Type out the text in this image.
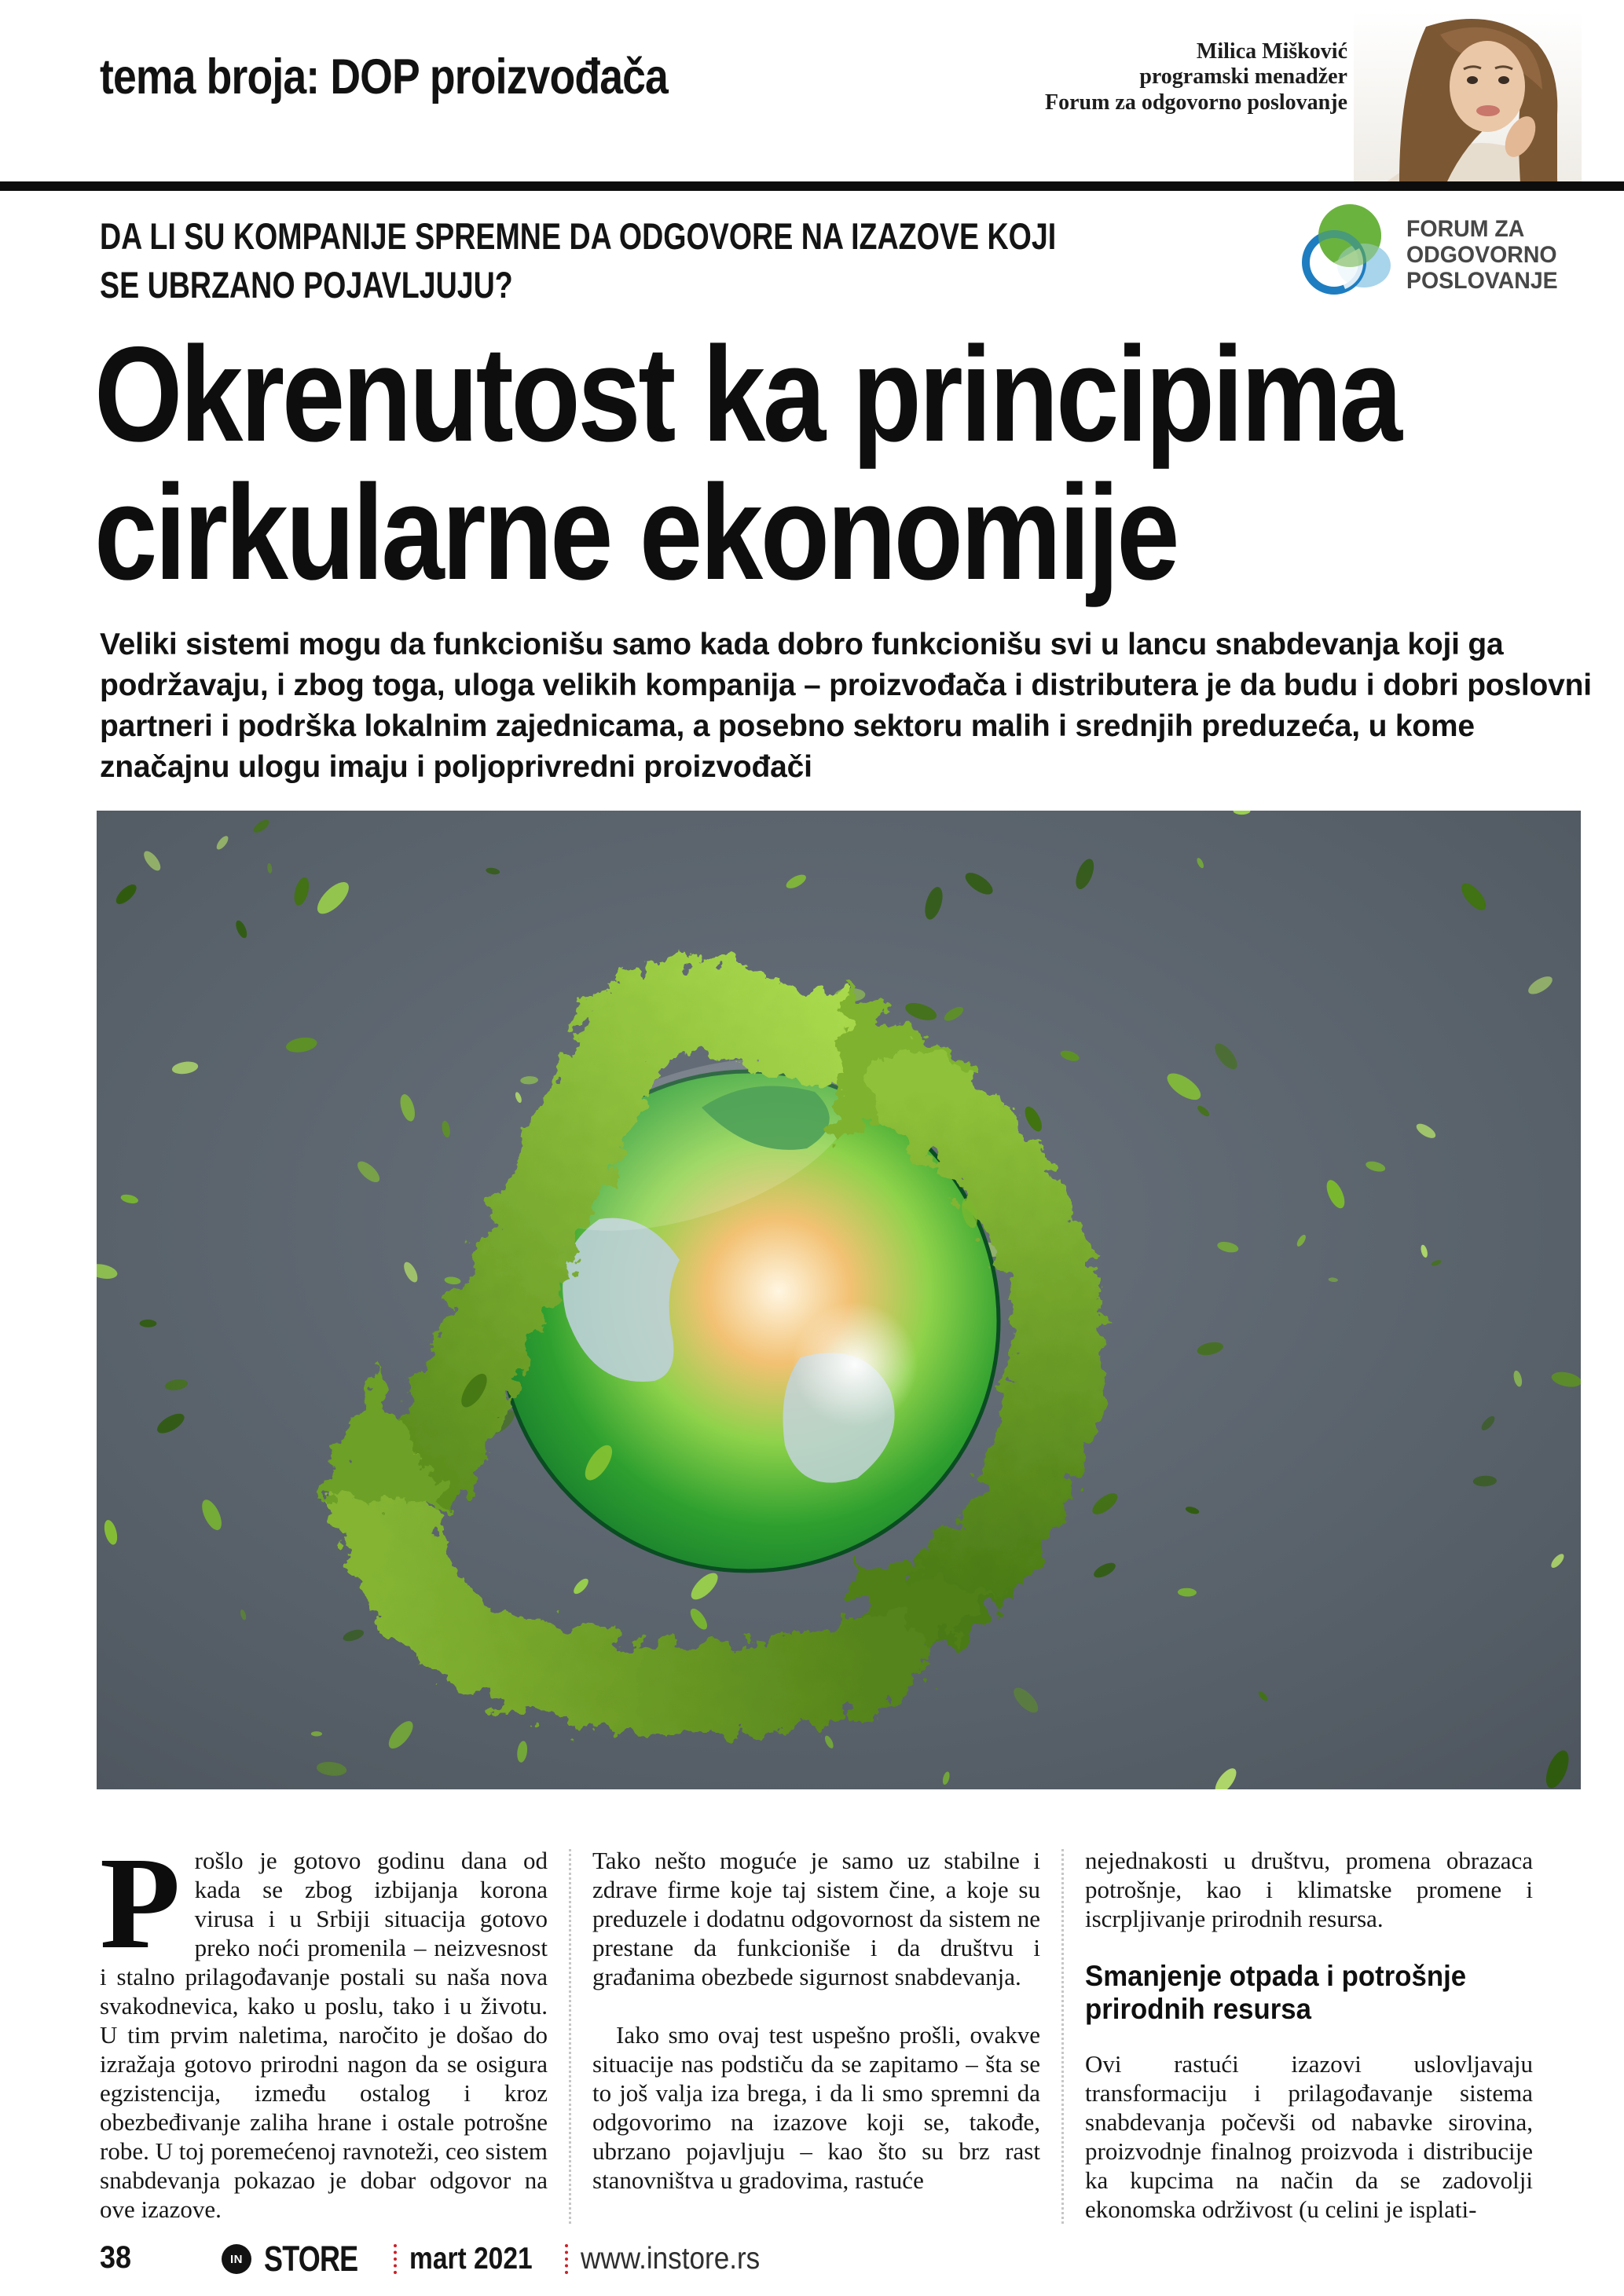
tema broja: DOP proizvođača	Milica Mišković
programski menadžer
Forum za odgovorno poslovanje
DA LI SU KOMPANIJE SPREMNE DA ODGOVORE NA IZAZOVE KOJI
SE UBRZANO POJAVLJUJU?
FORUM ZA
ODGOVORNO
POSLOVANJE
Okrenutost ka principima
cirkularne ekonomije
Veliki sistemi mogu da funkcionišu samo kada dobro funkcionišu svi u lancu snabdevanja koji ga podržavaju, i zbog toga, uloga velikih kompanija – proizvođača i distributera je da budu i dobri poslovni partneri i podrška lokalnim zajednicama, a posebno sektoru malih i srednjih preduzeća, u kome značajnu ulogu imaju i poljoprivredni proizvođači
Prošlo je gotovo godinu dana od kada se zbog izbijanja korona virusa i u Srbiji situacija gotovo preko noći promenila – neizvesnost i stalno prilagođavanje postali su naša nova svakodnevica, kako u poslu, tako i u životu. U tim prvim naletima, naročito je došao do izražaja gotovo prirodni nagon da se osigura egzistencija, između ostalog i kroz obezbeđivanje zaliha hrane i ostale potrošne robe. U toj poremećenoj ravnoteži, ceo sistem snabdevanja pokazao je dobar odgovor na ove izazove.
Tako nešto moguće je samo uz stabilne i zdrave firme koje taj sistem čine, a koje su preduzele i dodatnu odgovornost da sistem ne prestane da funkcioniše i da društvu i građanima obezbede sigurnost snabdevanja.
Iako smo ovaj test uspešno prošli, ovakve situacije nas podstiču da se zapitamo – šta se to još valja iza brega, i da li smo spremni da odgovorimo na izazove koji se, takođe, ubrzano pojavljuju – kao što su brz rast stanovništva u gradovima, rastuće
nejednakosti u društvu, promena obrazaca potrošnje, kao i klimatske promene i iscrpljivanje prirodnih resursa.
Smanjenje otpada i potrošnje prirodnih resursa
Ovi rastući izazovi uslovljavaju transformaciju i prilagođavanje sistema snabdevanja počevši od nabavke sirovina, proizvodnje finalnog proizvoda i distribucije ka kupcima na način da se zadovolji ekonomska održivost (u celini je isplati-
38	IN STORE mart 2021 www.instore.rs
